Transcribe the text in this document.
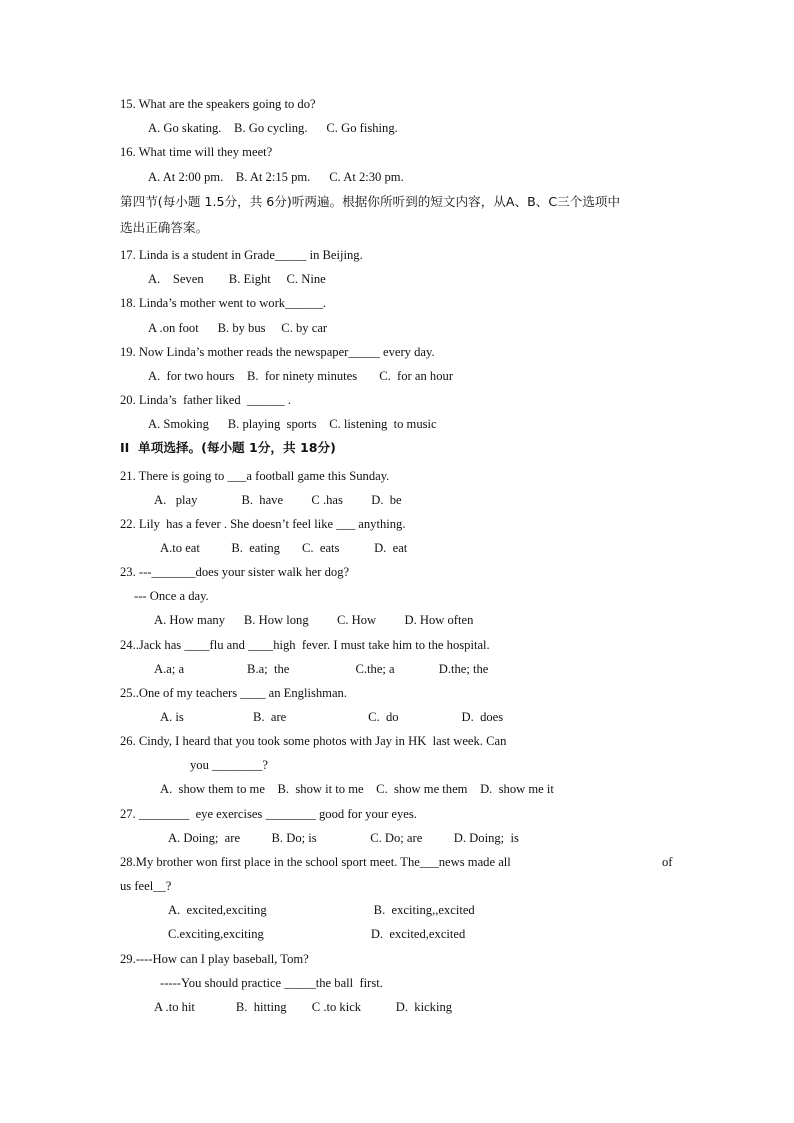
15. What are the speakers going to do?
A. Go skating.    B. Go cycling.      C. Go fishing.
16. What time will they meet?
A. At 2:00 pm.    B. At 2:15 pm.      C. At 2:30 pm.
第四节(每小题 1.5分，共 6分)听两遍。根据你所听到的短文内容，从A、B、C三个选项中
选出正确答案。
17. Linda is a student in Grade_____ in Beijing.
A.    Seven        B. Eight     C. Nine
18. Linda’s mother went to work______.
A .on foot      B. by bus     C. by car
19. Now Linda’s mother reads the newspaper_____ every day.
A.  for two hours    B.  for ninety minutes       C.  for an hour
20. Linda’s  father liked  ______ .
A. Smoking      B. playing  sports    C. listening  to music
II  单项选择。(每小题 1分，共 18分)
21. There is going to ___a football game this Sunday.
A.   play              B.  have         C .has         D.  be
22. Lily  has a fever . She doesn’t feel like ___ anything.
A.to eat          B.  eating       C.  eats           D.  eat
23. ---_______does your sister walk her dog?
--- Once a day.
A. How many      B. How long         C. How         D. How often
24..Jack has ____flu and ____high  fever. I must take him to the hospital.
A.a; a                    B.a;  the                     C.the; a              D.the; the
25..One of my teachers ____ an Englishman.
A. is                      B.  are                          C.  do                    D.  does
26. Cindy, I heard that you took some photos with Jay in HK  last week. Can
you ________?
A.  show them to me    B.  show it to me    C.  show me them    D.  show me it
27. ________  eye exercises ________ good for your eyes.
A. Doing;  are          B. Do; is                 C. Do; are          D. Doing;  is
28.My brother won first place in the school sport meet. The___news made all	of
us feel__?
A.  excited,exciting                                  B.  exciting,,excited
C.exciting,exciting                                  D.  excited,excited
29.----How can I play baseball, Tom?
-----You should practice _____the ball  first.
A .to hit             B.  hitting        C .to kick           D.  kicking
